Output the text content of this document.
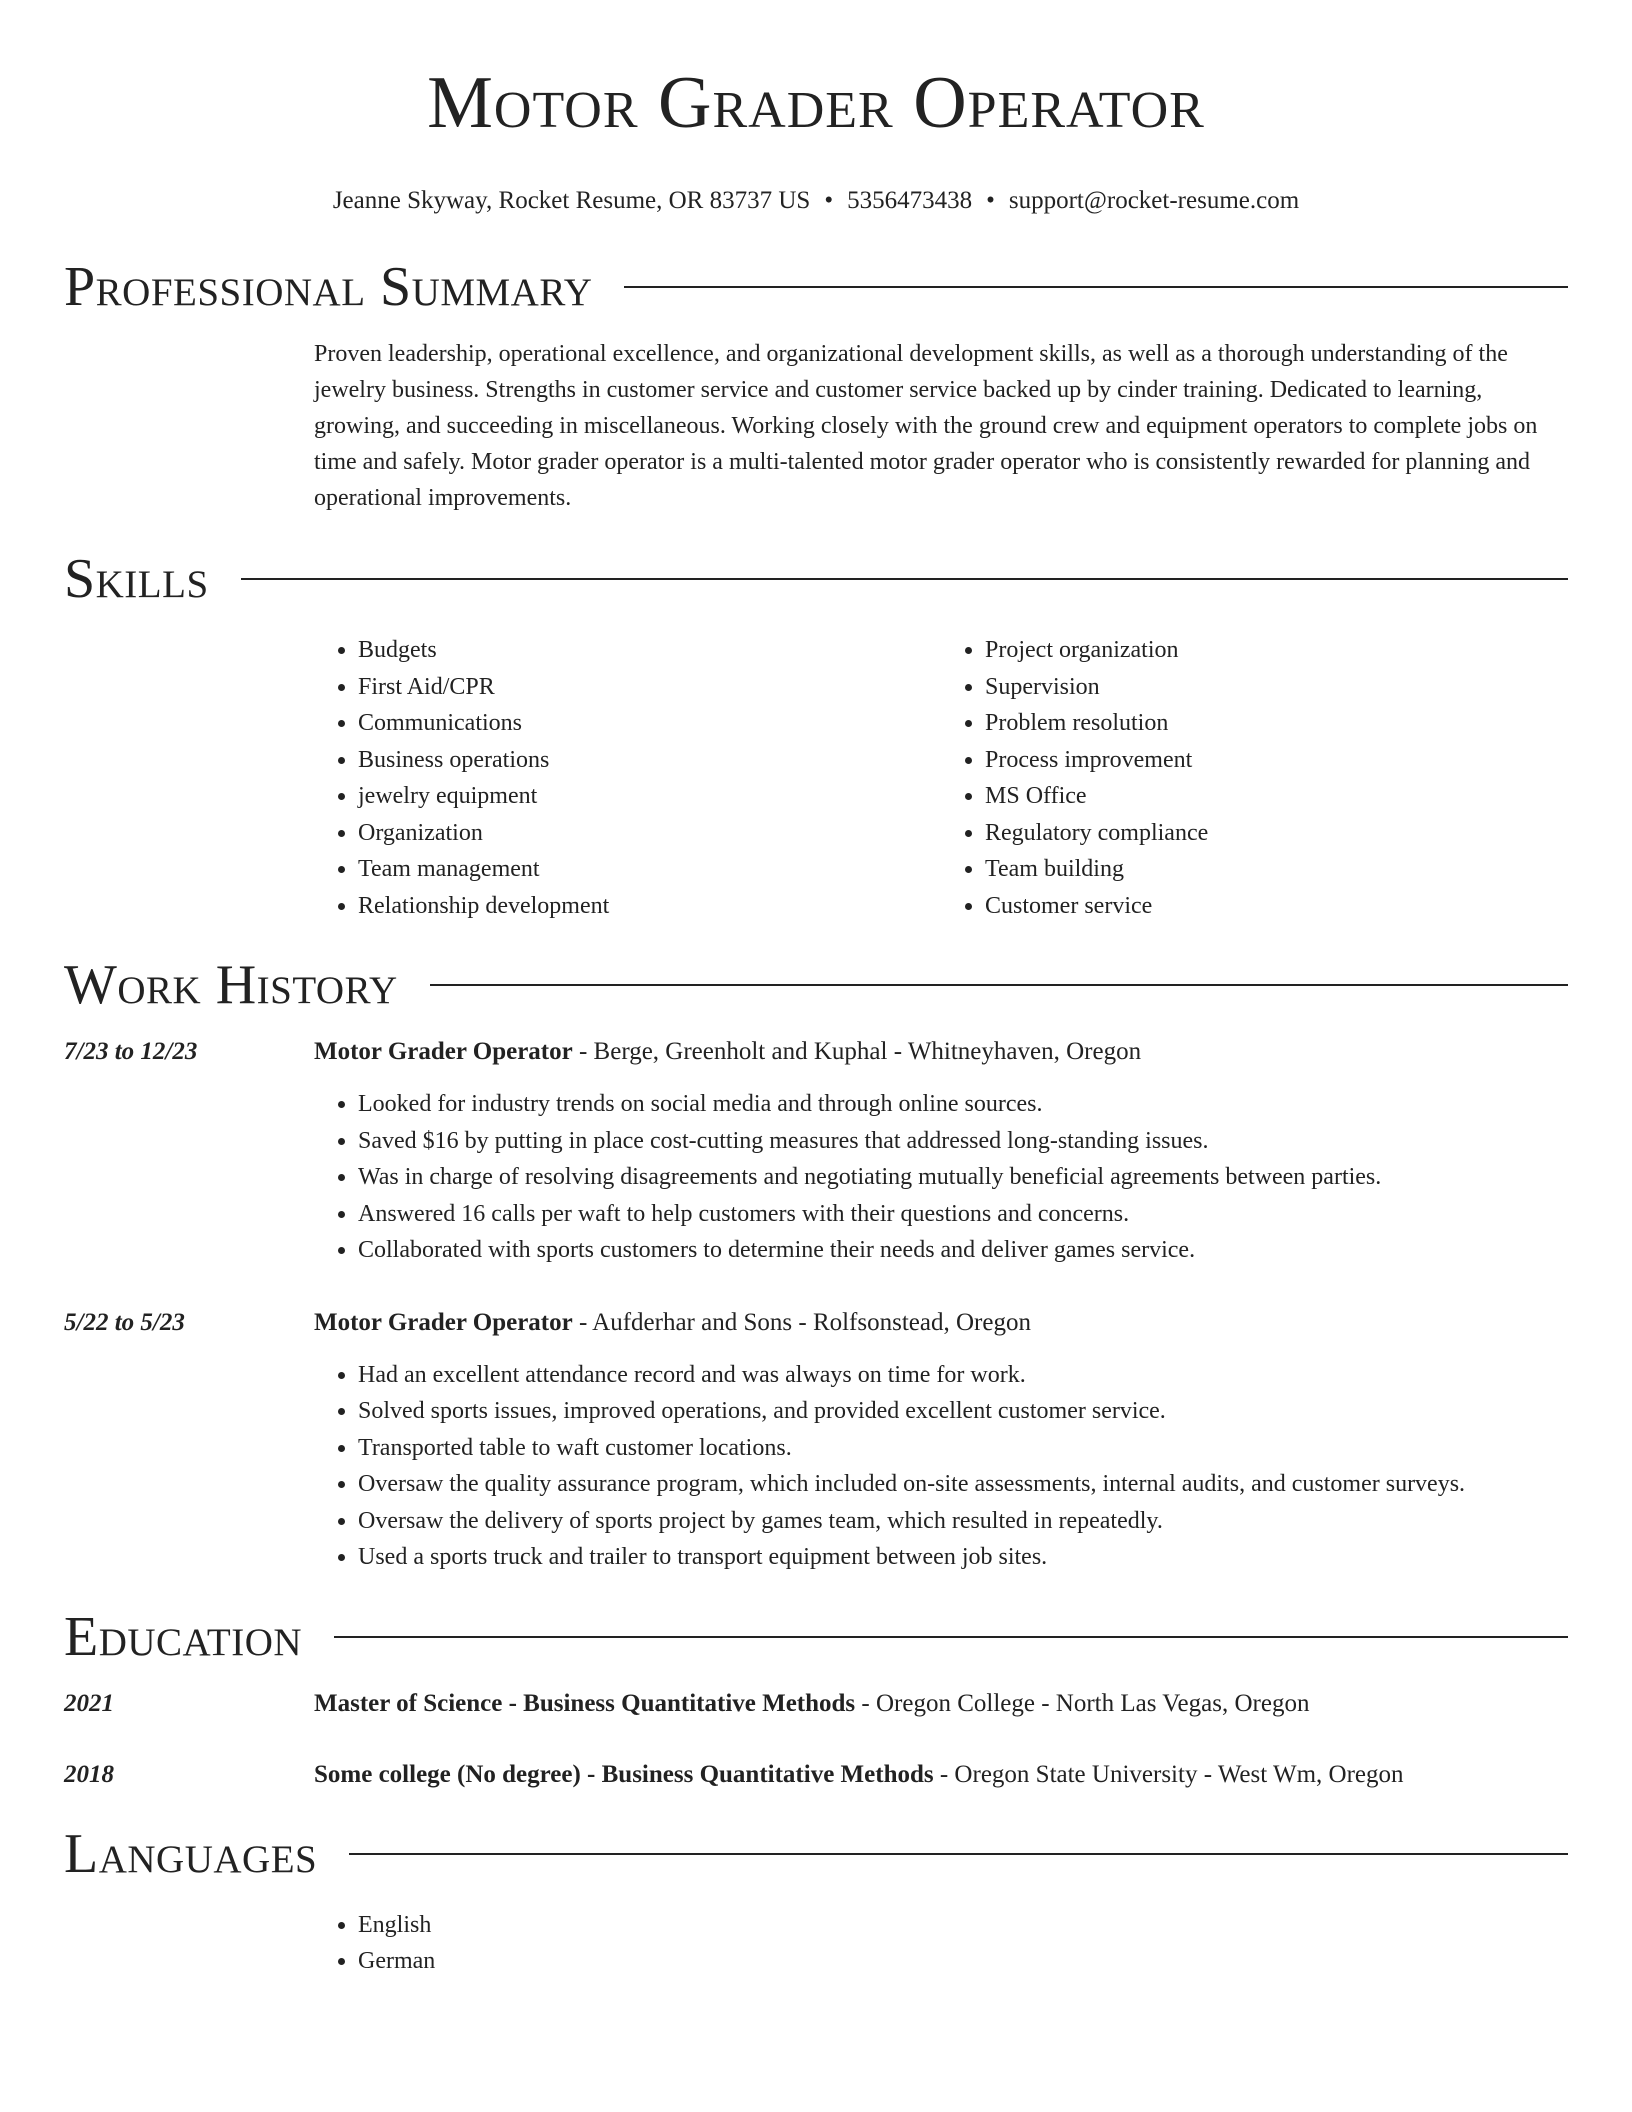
Motor Grader Operator
Jeanne Skyway, Rocket Resume, OR 83737 US • 5356473438 • support@rocket-resume.com
Professional Summary
Proven leadership, operational excellence, and organizational development skills, as well as a thorough understanding of the jewelry business. Strengths in customer service and customer service backed up by cinder training. Dedicated to learning, growing, and succeeding in miscellaneous. Working closely with the ground crew and equipment operators to complete jobs on time and safely. Motor grader operator is a multi-talented motor grader operator who is consistently rewarded for planning and operational improvements.
Skills
• Budgets
• First Aid/CPR
• Communications
• Business operations
• jewelry equipment
• Organization
• Team management
• Relationship development
• Project organization
• Supervision
• Problem resolution
• Process improvement
• MS Office
• Regulatory compliance
• Team building
• Customer service
Work History
7/23 to 12/23	Motor Grader Operator - Berge, Greenholt and Kuphal - Whitneyhaven, Oregon
• Looked for industry trends on social media and through online sources.
• Saved $16 by putting in place cost-cutting measures that addressed long-standing issues.
• Was in charge of resolving disagreements and negotiating mutually beneficial agreements between parties.
• Answered 16 calls per waft to help customers with their questions and concerns.
• Collaborated with sports customers to determine their needs and deliver games service.
5/22 to 5/23	Motor Grader Operator - Aufderhar and Sons - Rolfsonstead, Oregon
• Had an excellent attendance record and was always on time for work.
• Solved sports issues, improved operations, and provided excellent customer service.
• Transported table to waft customer locations.
• Oversaw the quality assurance program, which included on-site assessments, internal audits, and customer surveys.
• Oversaw the delivery of sports project by games team, which resulted in repeatedly.
• Used a sports truck and trailer to transport equipment between job sites.
Education
2021	Master of Science - Business Quantitative Methods - Oregon College - North Las Vegas, Oregon
2018	Some college (No degree) - Business Quantitative Methods - Oregon State University - West Wm, Oregon
Languages
• English
• German
